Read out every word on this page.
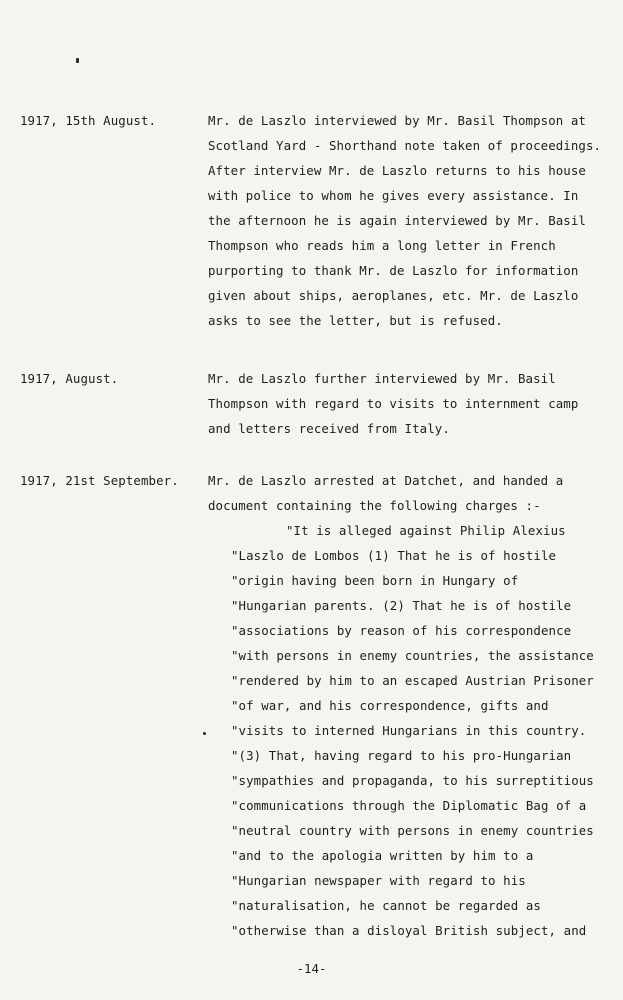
1917, 15th August.	Mr. de Laszlo interviewed by Mr. Basil Thompson at
Scotland Yard - Shorthand note taken of proceedings.
After interview Mr. de Laszlo returns to his house
with police to whom he gives every assistance. In
the afternoon he is again interviewed by Mr. Basil
Thompson who reads him a long letter in French
purporting to thank Mr. de Laszlo for information
given about ships, aeroplanes, etc. Mr. de Laszlo
asks to see the letter, but is refused.
1917, August.	Mr. de Laszlo further interviewed by Mr. Basil
Thompson with regard to visits to internment camp
and letters received from Italy.
1917, 21st September. Mr. de Laszlo arrested at Datchet, and handed a
document containing the following charges :-
"It is alleged against Philip Alexius
"Laszlo de Lombos (1) That he is of hostile
"origin having been born in Hungary of
"Hungarian parents. (2) That he is of hostile
"associations by reason of his correspondence
"with persons in enemy countries, the assistance
"rendered by him to an escaped Austrian Prisoner
"of war, and his correspondence, gifts and
"visits to interned Hungarians in this country.
"(3) That, having regard to his pro-Hungarian
"sympathies and propaganda, to his surreptitious
"communications through the Diplomatic Bag of a
"neutral country with persons in enemy countries
"and to the apologia written by him to a
"Hungarian newspaper with regard to his
"naturalisation, he cannot be regarded as
"otherwise than a disloyal British subject, and
-14-
